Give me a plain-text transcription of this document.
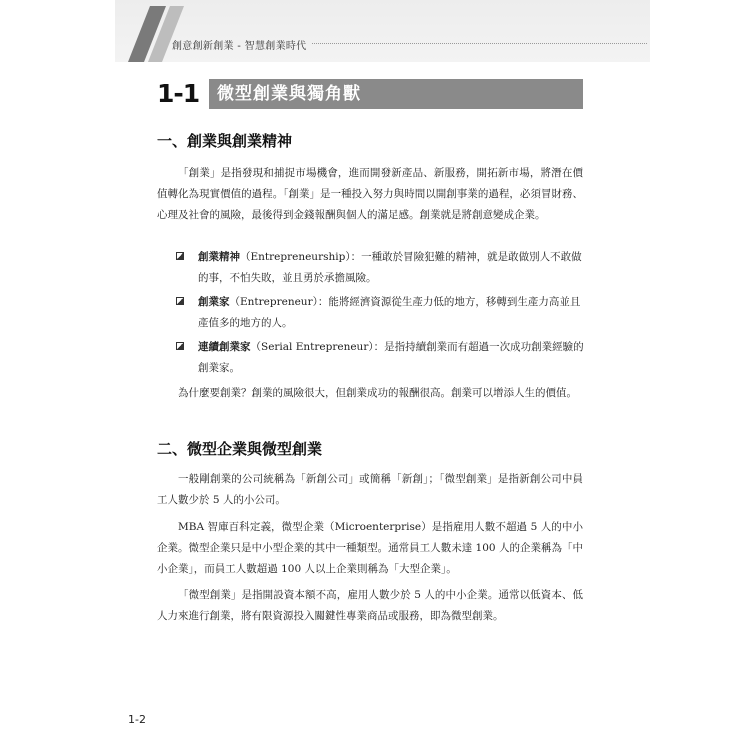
創意創新創業 - 智慧創業時代
1-1	微型創業與獨角獸
一、創業與創業精神

「創業」是指發現和捕捉市場機會，進而開發新產品、新服務，開拓新市場，將潛在價值轉化為現實價值的過程。「創業」是一種投入努力與時間以開創事業的過程，必須冒財務、心理及社會的風險，最後得到金錢報酬與個人的滿足感。創業就是將創意變成企業。

創業精神（Entrepreneurship）：一種敢於冒險犯難的精神，就是敢做別人不敢做的事，不怕失敗，並且勇於承擔風險。

創業家（Entrepreneur）：能將經濟資源從生產力低的地方，移轉到生產力高並且產值多的地方的人。

連續創業家（Serial Entrepreneur）：是指持續創業而有超過一次成功創業經驗的創業家。

為什麼要創業？創業的風險很大，但創業成功的報酬很高。創業可以增添人生的價值。

二、微型企業與微型創業

一般剛創業的公司統稱為「新創公司」或簡稱「新創」；「微型創業」是指新創公司中員工人數少於 5 人的小公司。

MBA 智庫百科定義，微型企業（Microenterprise）是指雇用人數不超過 5 人的中小企業。微型企業只是中小型企業的其中一種類型。通常員工人數未達 100 人的企業稱為「中小企業」，而員工人數超過 100 人以上企業則稱為「大型企業」。

「微型創業」是指開設資本額不高，雇用人數少於 5 人的中小企業。通常以低資本、低人力來進行創業，將有限資源投入關鍵性專業商品或服務，即為微型創業。

1-2
